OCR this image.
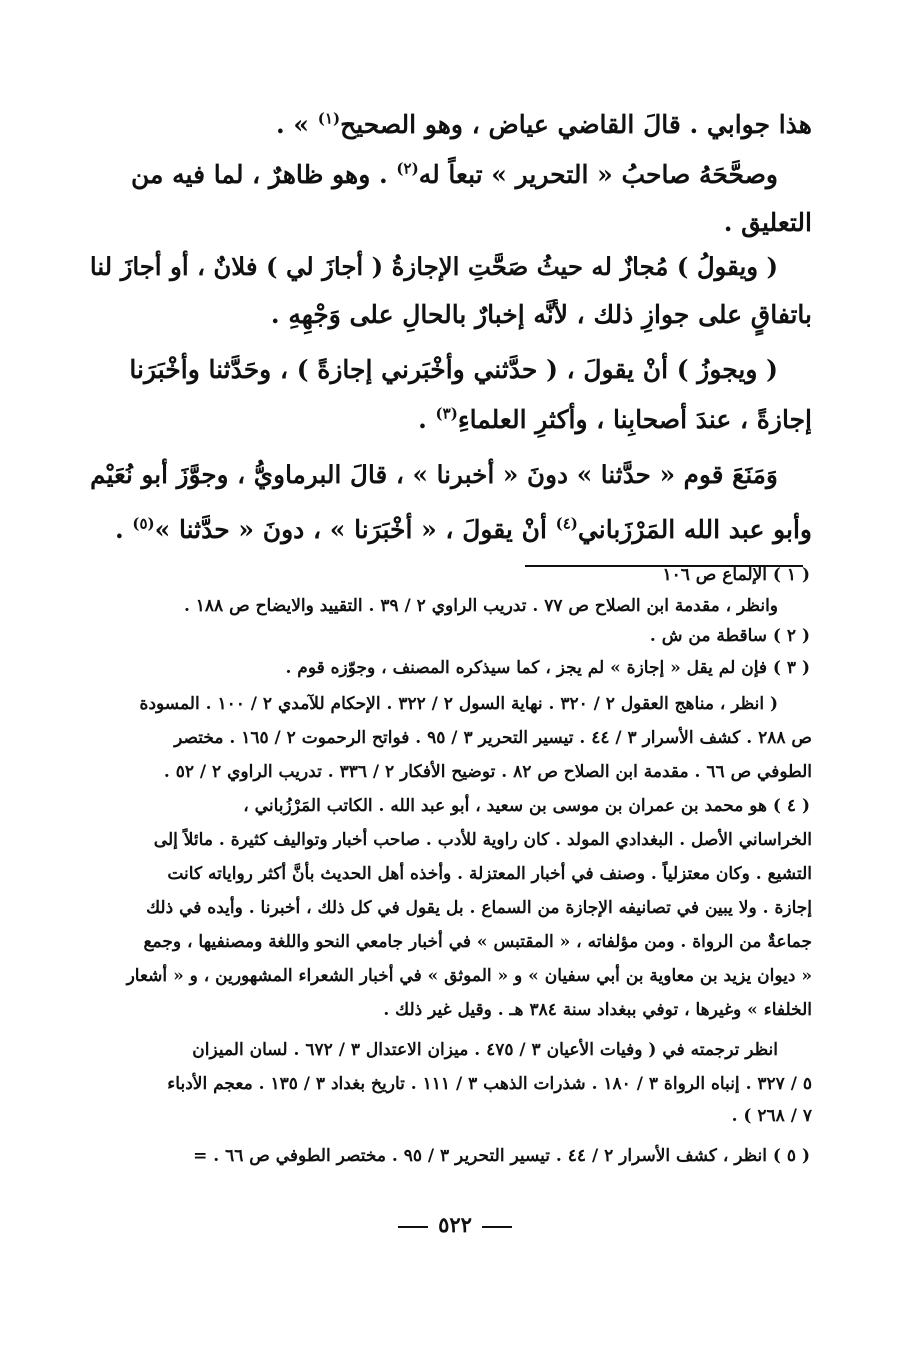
هذا جوابي . قالَ القاضي عياض ، وهو الصحيح$^{(١)}$ » .
وصحَّحَهُ صاحبُ « التحرير » تبعاً له$^{(٢)}$ . وهو ظاهرٌ ، لما فيه من
التعليق .
( ويقولُ ) مُجازٌ له حيثُ صَحَّتِ الإجازةُ ( أجازَ لي ) فلانٌ ، أو أجازَ لنا
باتفاقٍ على جوازِ ذلك ، لأنَّه إخبارٌ بالحالِ على وَجْهِهِ .
( ويجوزُ ) أنْ يقولَ ، ( حدَّثني وأخْبَرني إجازةً ) ، وحَدَّثنا وأخْبَرَنا
إجازةً ، عندَ أصحابِنا ، وأكثرِ العلماءِ$^{(٣)}$ .
وَمَنَعَ قوم « حدَّثنا » دونَ « أخبرنا » ، قالَ البرماويُّ ، وجوَّزَ أبو نُعَيْم
وأبو عبد الله المَرْزَباني$^{(٤)}$ أنْ يقولَ ، « أخْبَرَنا » ، دونَ « حدَّثنا »$^{(٥)}$ .
( ١ ) الإلماع ص ١٠٦
وانظر ، مقدمة ابن الصلاح ص ٧٧ . تدريب الراوي ٢ / ٣٩ . التقييد والايضاح ص ١٨٨ .
( ٢ ) ساقطة من ش .
( ٣ ) فإن لم يقل « إجازة » لم يجز ، كما سيذكره المصنف ، وجوّزه قوم .
( انظر ، مناهج العقول ٢ / ٣٢٠ . نهاية السول ٢ / ٣٢٢ . الإحكام للآمدي ٢ / ١٠٠ . المسودة
ص ٢٨٨ . كشف الأسرار ٣ / ٤٤ . تيسير التحرير ٣ / ٩٥ . فواتح الرحموت ٢ / ١٦٥ . مختصر
الطوفي ص ٦٦ . مقدمة ابن الصلاح ص ٨٢ . توضيح الأفكار ٢ / ٣٣٦ . تدريب الراوي ٢ / ٥٢ .
( ٤ ) هو محمد بن عمران بن موسى بن سعيد ، أبو عبد الله . الكاتب المَرْزُباني ،
الخراساني الأصل . البغدادي المولد . كان راوية للأدب . صاحب أخبار وتواليف كثيرة . مائلاً إلى
التشيع . وكان معتزلياً . وصنف في أخبار المعتزلة . وأخذه أهل الحديث بأنَّ أكثر رواياته كانت
إجازة . ولا يبين في تصانيفه الإجازة من السماع . بل يقول في كل ذلك ، أخبرنا . وأيده في ذلك
جماعةٌ من الرواة . ومن مؤلفاته ، « المقتبس » في أخبار جامعي النحو واللغة ومصنفيها ، وجمع
« ديوان يزيد بن معاوية بن أبي سفيان » و « الموثق » في أخبار الشعراء المشهورين ، و « أشعار
الخلفاء » وغيرها ، توفي ببغداد سنة ٣٨٤ هـ . وقيل غير ذلك .
انظر ترجمته في ( وفيات الأعيان ٣ / ٤٧٥ . ميزان الاعتدال ٣ / ٦٧٢ . لسان الميزان
٥ / ٣٢٧ . إنباه الرواة ٣ / ١٨٠ . شذرات الذهب ٣ / ١١١ . تاريخ بغداد ٣ / ١٣٥ . معجم الأدباء
٧ / ٢٦٨ ) .
( ٥ ) انظر ، كشف الأسرار ٢ / ٤٤ . تيسير التحرير ٣ / ٩٥ . مختصر الطوفي ص ٦٦ . =
٥٢٢
